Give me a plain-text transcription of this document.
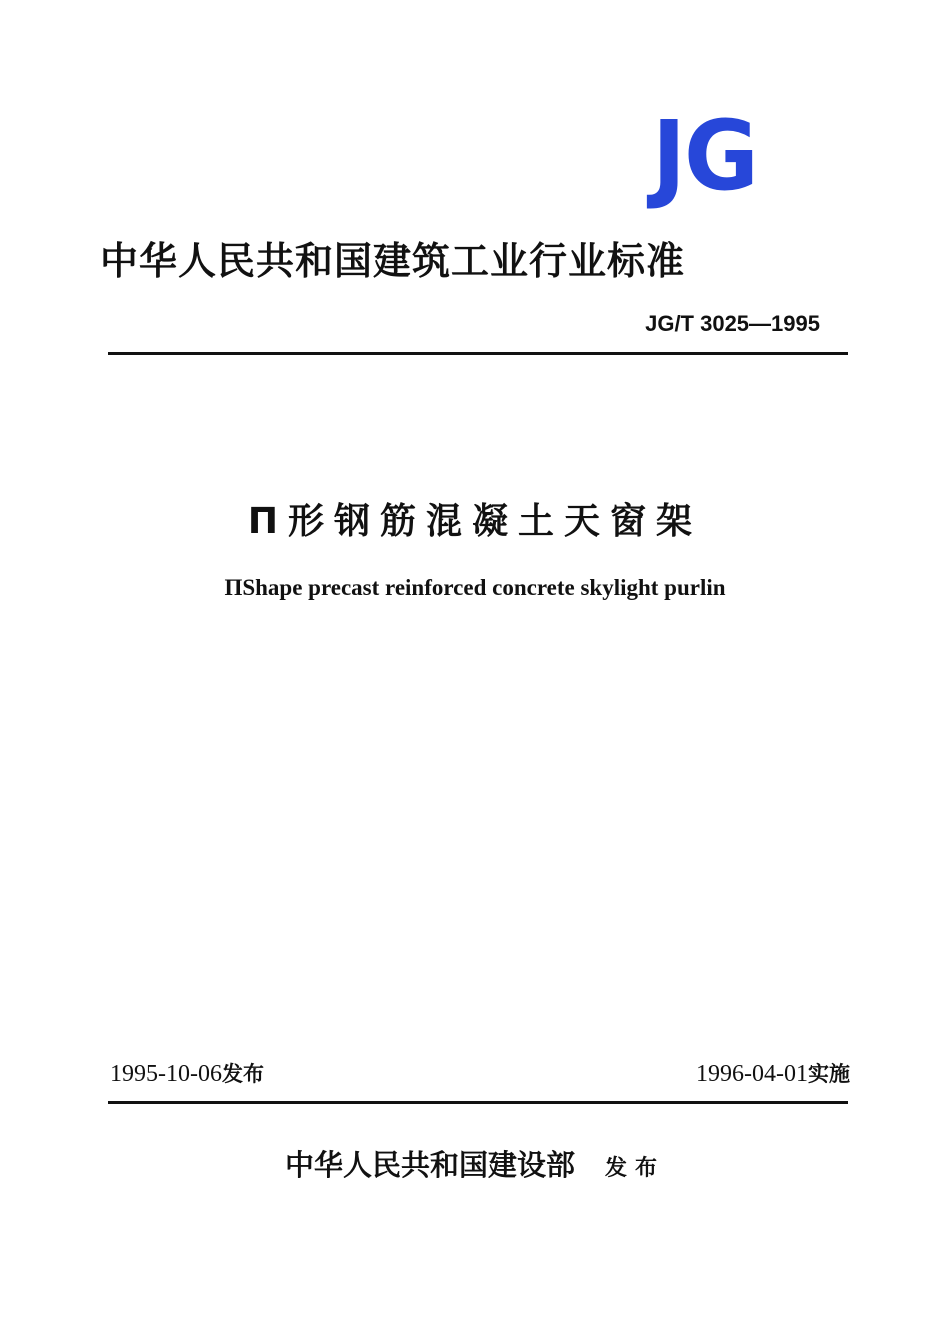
JG
中华人民共和国建筑工业行业标准
JG/T 3025—1995
Π形钢筋混凝土天窗架
ΠShape precast reinforced concrete skylight purlin
1995-10-06发布	1996-04-01实施
中华人民共和国建设部 发布
